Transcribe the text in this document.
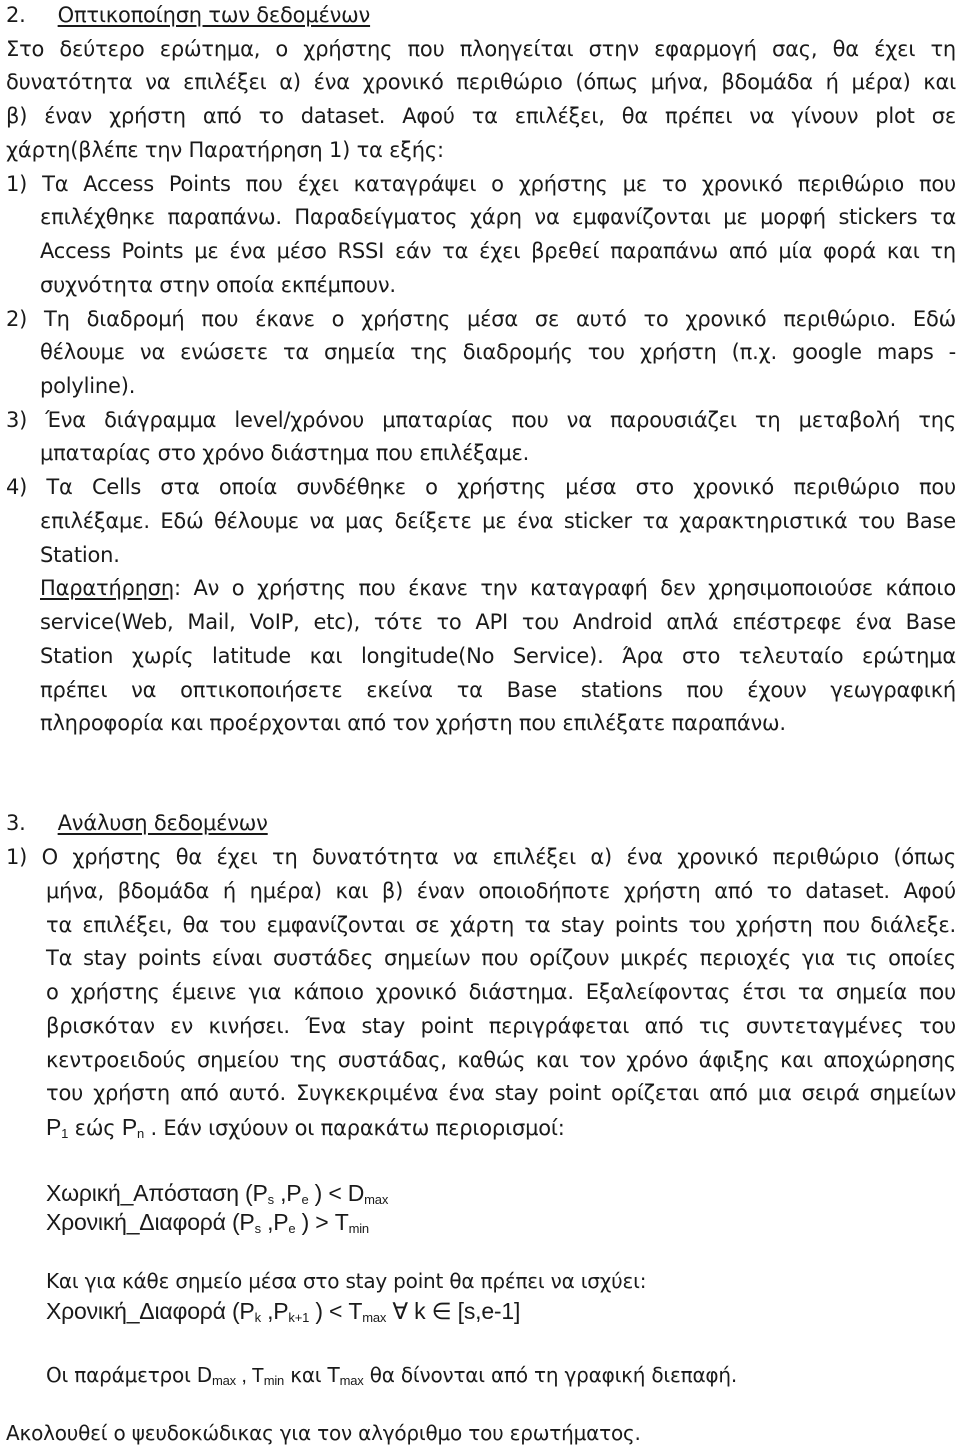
2. Οπτικοποίηση των δεδομένων
Στο δεύτερο ερώτημα, ο χρήστης που πλοηγείται στην εφαρμογή σας, θα έχει τη
δυνατότητα να επιλέξει α) ένα χρονικό περιθώριο (όπως μήνα, βδομάδα ή μέρα) και
β) έναν χρήστη από το dataset. Αφού τα επιλέξει, θα πρέπει να γίνουν plot σε
χάρτη(βλέπε την Παρατήρηση 1) τα εξής:
1) Τα Access Points που έχει καταγράψει ο χρήστης με το χρονικό περιθώριο που
επιλέχθηκε παραπάνω. Παραδείγματος χάρη να εμφανίζονται με μορφή stickers τα
Access Points με ένα μέσο RSSI εάν τα έχει βρεθεί παραπάνω από μία φορά και τη
συχνότητα στην οποία εκπέμπουν.
2) Τη διαδρομή που έκανε ο χρήστης μέσα σε αυτό το χρονικό περιθώριο. Εδώ
θέλουμε να ενώσετε τα σημεία της διαδρομής του χρήστη (π.χ. google maps -
polyline).
3) Ένα διάγραμμα level/χρόνου μπαταρίας που να παρουσιάζει τη μεταβολή της
μπαταρίας στο χρόνο διάστημα που επιλέξαμε.
4) Τα Cells στα οποία συνδέθηκε ο χρήστης μέσα στο χρονικό περιθώριο που
επιλέξαμε. Εδώ θέλουμε να μας δείξετε με ένα sticker τα χαρακτηριστικά του Base
Station.
Παρατήρηση: Αν ο χρήστης που έκανε την καταγραφή δεν χρησιμοποιούσε κάποιο
service(Web, Mail, VoIP, etc), τότε το API του Android απλά επέστρεφε ένα Base
Station χωρίς latitude και longitude(No Service). Άρα στο τελευταίο ερώτημα
πρέπει να οπτικοποιήσετε εκείνα τα Base stations που έχουν γεωγραφική
πληροφορία και προέρχονται από τον χρήστη που επιλέξατε παραπάνω.
3. Ανάλυση δεδομένων
1) Ο χρήστης θα έχει τη δυνατότητα να επιλέξει α) ένα χρονικό περιθώριο (όπως
μήνα, βδομάδα ή ημέρα) και β) έναν οποιοδήποτε χρήστη από το dataset. Αφού
τα επιλέξει, θα του εμφανίζονται σε χάρτη τα stay points του χρήστη που διάλεξε.
Τα stay points είναι συστάδες σημείων που ορίζουν μικρές περιοχές για τις οποίες
ο χρήστης έμεινε για κάποιο χρονικό διάστημα. Εξαλείφοντας έτσι τα σημεία που
βρισκόταν εν κινήσει. Ένα stay point περιγράφεται από τις συντεταγμένες του
κεντροειδούς σημείου της συστάδας, καθώς και τον χρόνο άφιξης και αποχώρησης
του χρήστη από αυτό. Συγκεκριμένα ένα stay point ορίζεται από μια σειρά σημείων
$P_1$ εώς $P_n$ . Εάν ισχύουν οι παρακάτω περιορισμοί:
Χωρική_Απόσταση ($P_s$ $,P_e$ ) < $D_{max}$
Χρονική_Διαφορά ($P_s$ $,P_e$ ) > $T_{min}$
Και για κάθε σημείο μέσα στο stay point θα πρέπει να ισχύει:
Χρονική_Διαφορά ($P_k$ $,P_{k+1}$ ) < $T_{max}$ ∀ k ∈ [s,e-1]
Οι παράμετροι $D_{max}$ , $T_{min}$ και $T_{max}$ θα δίνονται από τη γραφική διεπαφή.
Ακολουθεί ο ψευδοκώδικας για τον αλγόριθμο του ερωτήματος.
